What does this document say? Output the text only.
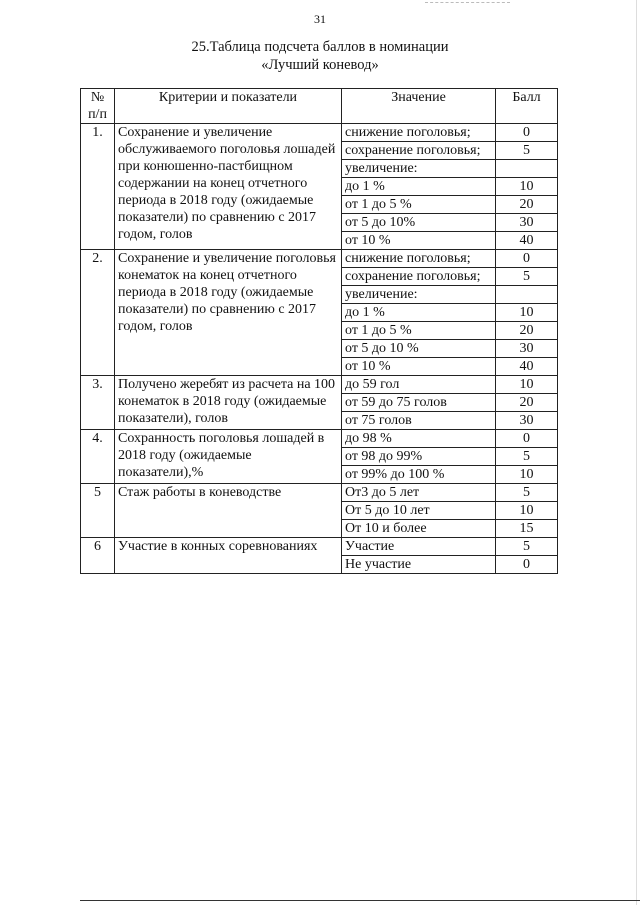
31
25.Таблица подсчета баллов в номинации
«Лучший коневод»
№ п/п	Критерии и показатели	Значение	Балл
1.	Сохранение и увеличение обслуживаемого поголовья лошадей при конюшенно-пастбищном содержании на конец отчетного периода в 2018 году (ожидаемые показатели) по сравнению с 2017 годом, голов	снижение поголовья;	0
		сохранение поголовья;	5
		увеличение:	
		до 1 %	10
		от 1 до 5 %	20
		от 5 до 10%	30
		от 10 %	40
2.	Сохранение и увеличение поголовья конематок на конец отчетного периода в 2018 году (ожидаемые показатели) по сравнению с 2017 годом, голов	снижение поголовья;	0
		сохранение поголовья;	5
		увеличение:	
		до 1 %	10
		от 1 до 5 %	20
		от 5 до 10 %	30
		от 10 %	40
3.	Получено жеребят из расчета на 100 конематок в 2018 году (ожидаемые показатели), голов	до 59 гол	10
		от 59 до 75 голов	20
		от 75 голов	30
4.	Сохранность поголовья лошадей в 2018 году (ожидаемые показатели),%	до 98 %	0
		от 98 до 99%	5
		от 99% до 100 %	10
5	Стаж работы в коневодстве	От3 до 5 лет	5
		От 5 до 10 лет	10
		От 10 и более	15
6	Участие в конных соревнованиях	Участие	5
		Не участие	0
